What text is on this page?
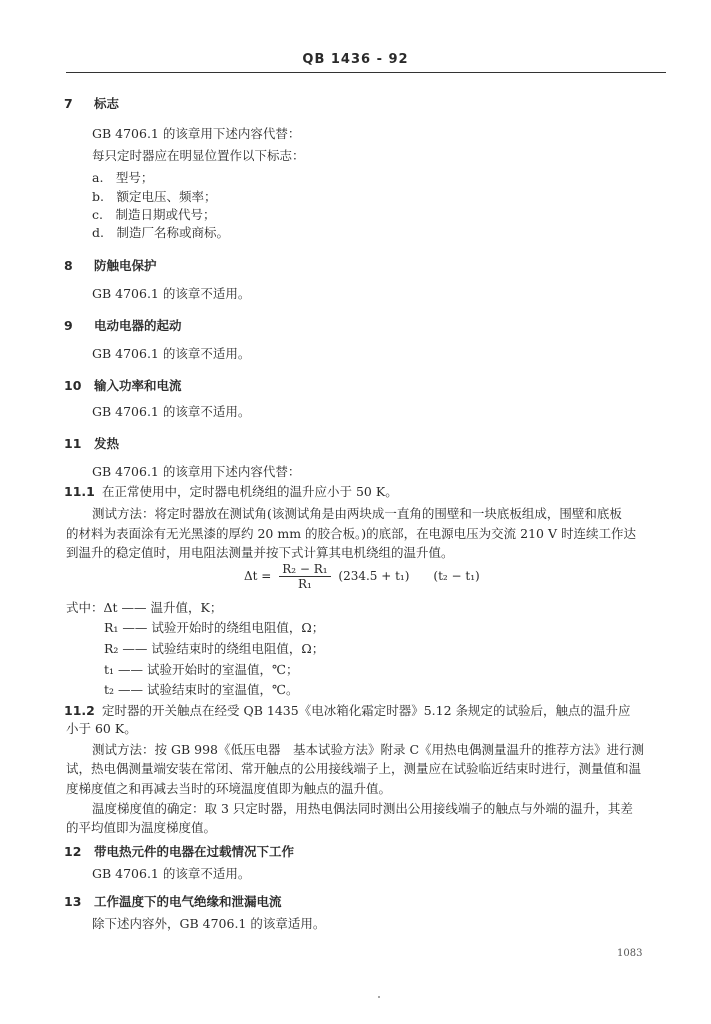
QB 1436 - 92
7 标志
GB 4706.1 的该章用下述内容代替：
每只定时器应在明显位置作以下标志：
a.　型号；
b.　额定电压、频率；
c.　制造日期或代号；
d.　制造厂名称或商标。
8 防触电保护
GB 4706.1 的该章不适用。
9 电动电器的起动
GB 4706.1 的该章不适用。
10 输入功率和电流
GB 4706.1 的该章不适用。
11 发热
GB 4706.1 的该章用下述内容代替：
11.1 在正常使用中，定时器电机绕组的温升应小于 50 K。
测试方法：将定时器放在测试角(该测试角是由两块成一直角的围壁和一块底板组成，围壁和底板
的材料为表面涂有无光黑漆的厚约 20 mm 的胶合板。)的底部，在电源电压为交流 210 V 时连续工作达
到温升的稳定值时，用电阻法测量并按下式计算其电机绕组的温升值。
$\Delta t = \frac{\text{R₂ − R₁}}{\text{R₁}} (234.5 + t_1)$　　(t₂ − t₁)
式中：Δt —— 温升值，K；
R₁ —— 试验开始时的绕组电阻值，Ω；
R₂ —— 试验结束时的绕组电阻值，Ω；
t₁ —— 试验开始时的室温值，℃；
t₂ —— 试验结束时的室温值，℃。
11.2 定时器的开关触点在经受 QB 1435《电冰箱化霜定时器》5.12 条规定的试验后，触点的温升应
小于 60 K。
测试方法：按 GB 998《低压电器　基本试验方法》附录 C《用热电偶测量温升的推荐方法》进行测
试，热电偶测量端安装在常闭、常开触点的公用接线端子上，测量应在试验临近结束时进行，测量值和温
度梯度值之和再减去当时的环境温度值即为触点的温升值。
温度梯度值的确定：取 3 只定时器，用热电偶法同时测出公用接线端子的触点与外端的温升，其差
的平均值即为温度梯度值。
12 带电热元件的电器在过载情况下工作
GB 4706.1 的该章不适用。
13 工作温度下的电气绝缘和泄漏电流
除下述内容外，GB 4706.1 的该章适用。
1083
